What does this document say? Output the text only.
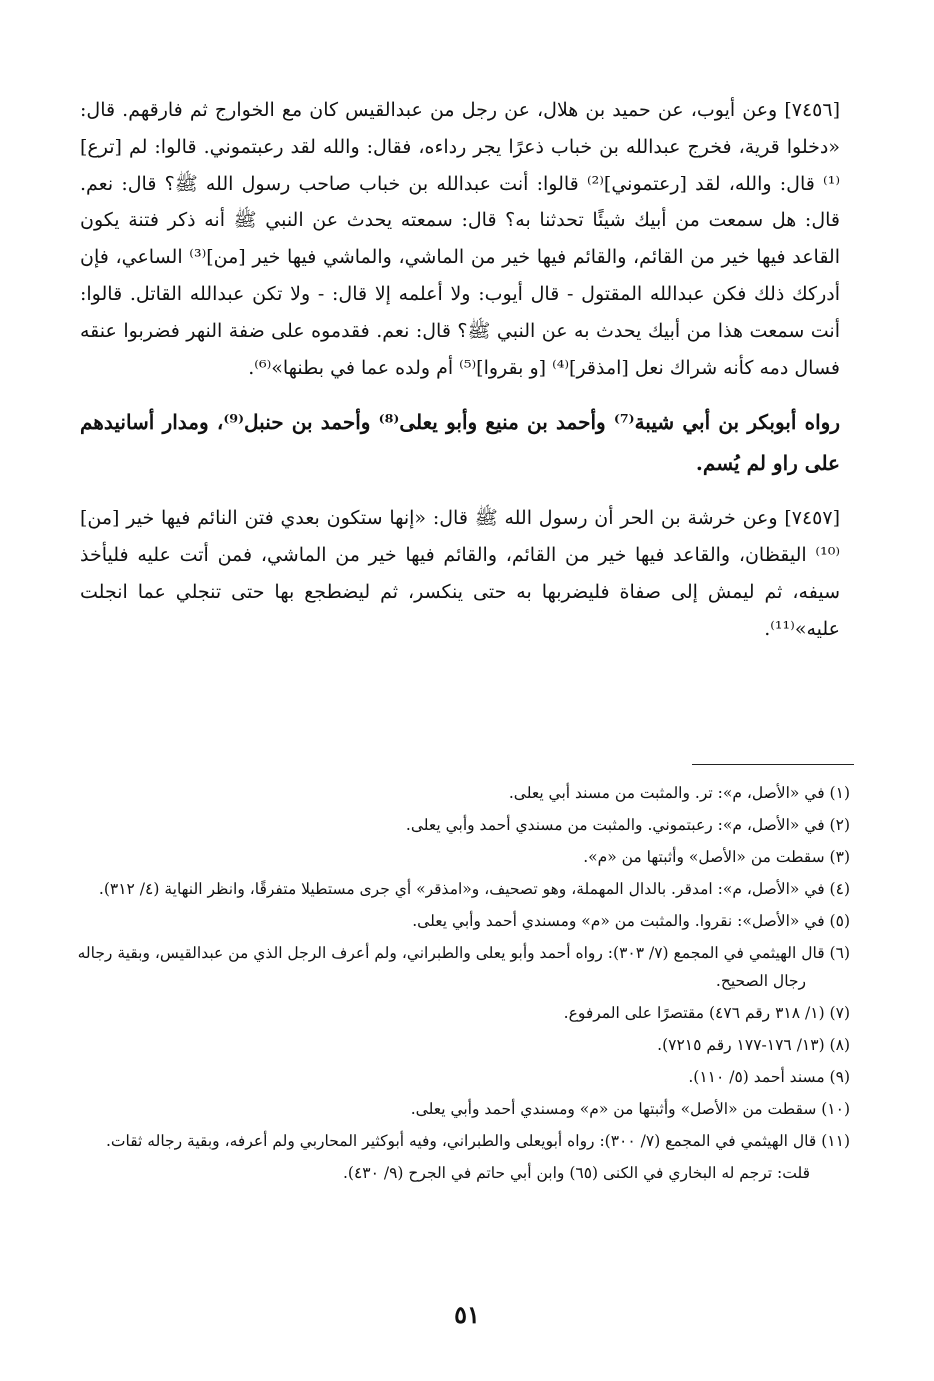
[٧٤٥٦] وعن أيوب، عن حميد بن هلال، عن رجل من عبدالقيس كان مع الخوارج ثم فارقهم. قال: «دخلوا قرية، فخرج عبدالله بن خباب ذعرًا يجر رداءه، فقال: والله لقد رعبتموني. قالوا: لم [ترع]⁽¹⁾ قال: والله، لقد [رعتموني]⁽²⁾ قالوا: أنت عبدالله بن خباب صاحب رسول الله ﷺ؟ قال: نعم. قال: هل سمعت من أبيك شيئًا تحدثنا به؟ قال: سمعته يحدث عن النبي ﷺ أنه ذكر فتنة يكون القاعد فيها خير من القائم، والقائم فيها خير من الماشي، والماشي فيها خير [من]⁽³⁾ الساعي، فإن أدركك ذلك فكن عبدالله المقتول - قال أيوب: ولا أعلمه إلا قال: - ولا تكن عبدالله القاتل. قالوا: أنت سمعت هذا من أبيك يحدث به عن النبي ﷺ؟ قال: نعم. فقدموه على ضفة النهر فضربوا عنقه فسال دمه كأنه شراك نعل [امذقر]⁽⁴⁾ [و بقروا]⁽⁵⁾ أم ولده عما في بطنها»⁽⁶⁾.

رواه أبوبكر بن أبي شيبة⁽⁷⁾ وأحمد بن منيع وأبو يعلى⁽⁸⁾ وأحمد بن حنبل⁽⁹⁾، ومدار أسانيدهم على راو لم يُسم.

[٧٤٥٧] وعن خرشة بن الحر أن رسول الله ﷺ قال: «إنها ستكون بعدي فتن النائم فيها خير [من]⁽¹⁰⁾ اليقظان، والقاعد فيها خير من القائم، والقائم فيها خير من الماشي، فمن أتت عليه فليأخذ سيفه، ثم ليمش إلى صفاة فليضربها به حتى ينكسر، ثم ليضطجع بها حتى تنجلي عما انجلت عليه»⁽¹¹⁾.

(١) في «الأصل، م»: تر. والمثبت من مسند أبي يعلى.

(٢) في «الأصل، م»: رعبتموني. والمثبت من مسندي أحمد وأبي يعلى.

(٣) سقطت من «الأصل» وأثبتها من «م».

(٤) في «الأصل، م»: امدقر. بالدال المهملة، وهو تصحيف، و«امذقر» أي جرى مستطيلا متفرقًا، وانظر النهاية (٤/ ٣١٢).

(٥) في «الأصل»: نقروا. والمثبت من «م» ومسندي أحمد وأبي يعلى.

(٦) قال الهيثمي في المجمع (٧/ ٣٠٣): رواه أحمد وأبو يعلى والطبراني، ولم أعرف الرجل الذي من عبدالقيس، وبقية رجاله رجال الصحيح.

(٧) (١/ ٣١٨ رقم ٤٧٦) مقتصرًا على المرفوع.

(٨) (١٣/ ١٧٦-١٧٧ رقم ٧٢١٥).

(٩) مسند أحمد (٥/ ١١٠).

(١٠) سقطت من «الأصل» وأثبتها من «م» ومسندي أحمد وأبي يعلى.

(١١) قال الهيثمي في المجمع (٧/ ٣٠٠): رواه أبويعلى والطبراني، وفيه أبوكثير المحاربي ولم أعرفه، وبقية رجاله ثقات.

قلت: ترجم له البخاري في الكنى (٦٥) وابن أبي حاتم في الجرح (٩/ ٤٣٠).

٥١
